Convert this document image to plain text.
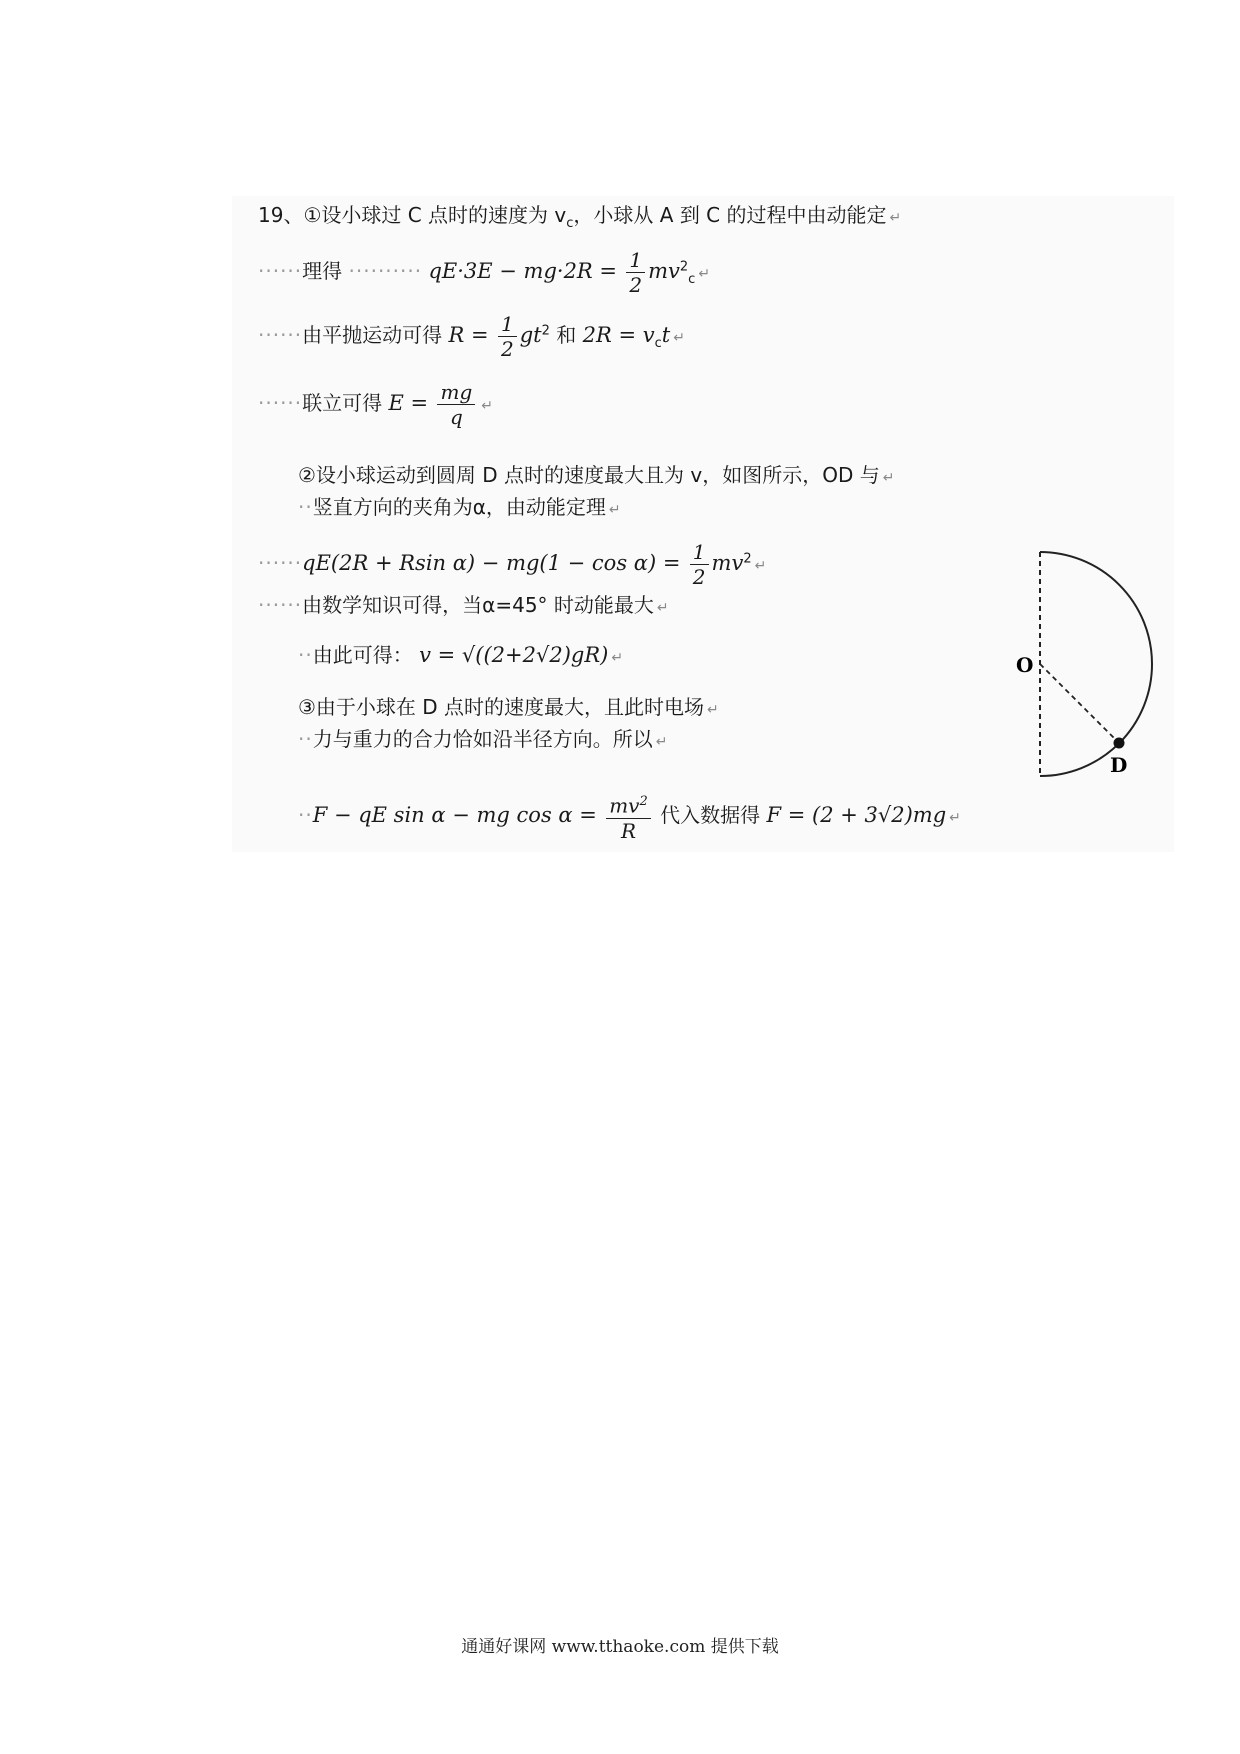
19、①设小球过 C 点时的速度为 $v_c$，小球从 A 到 C 的过程中由动能定 ↵
······理得 ·········· $qE\cdot 3E - mg\cdot 2R = \frac{1}{2} mv^2_c$ ↵
······由平抛运动可得 $R = \frac{1}{2} gt^2$ 和 $2R = v_ct$ ↵
······联立可得 $E = \frac{mg}{q}$ ↵
②设小球运动到圆周 D 点时的速度最大且为 v，如图所示，OD 与 ↵
··竖直方向的夹角为α，由动能定理 ↵
······qE(2R + Rsin $\alpha) - mg(1 - \cos \alpha) = \frac{1}{2} mv^2$ ↵
······由数学知识可得，当α=45° 时动能最大 ↵
··由此可得： v = √((2+2√2)gR) ↵
③由于小球在 D 点时的速度最大，且此时电场 ↵
··力与重力的合力恰如沿半径方向。所以 ↵
··F − qE sin α − mg $\cos \alpha = \frac{mv^2}{R}$ 代入数据得 F = (2 + 3√2)mg ↵
O
D
通通好课网 www.tthaoke.com 提供下载
